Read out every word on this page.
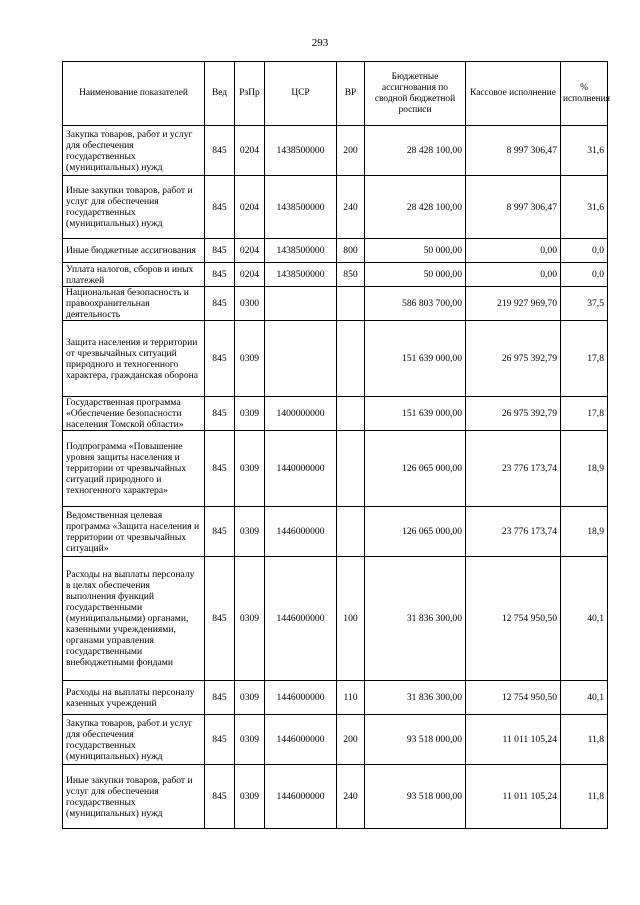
293
Наименование показателей	Вед	РзПр	ЦСР	ВР	Бюджетные ассигнования по сводной бюджетной росписи	Кассовое исполнение	% исполнения
Закупка товаров, работ и услуг для обеспечения государственных (муниципальных) нужд	845	0204	1438500000	200	28 428 100,00	8 997 306,47	31,6
Иные закупки товаров, работ и услуг для обеспечения государственных (муниципальных) нужд	845	0204	1438500000	240	28 428 100,00	8 997 306,47	31,6
Иные бюджетные ассигнования	845	0204	1438500000	800	50 000,00	0,00	0,0
Уплата налогов, сборов и иных платежей	845	0204	1438500000	850	50 000,00	0,00	0,0
Национальная безопасность и правоохранительная деятельность	845	0300			586 803 700,00	219 927 969,70	37,5
Защита населения и территории от чрезвычайных ситуаций природного и техногенного характера, гражданская оборона	845	0309			151 639 000,00	26 975 392,79	17,8
Государственная программа «Обеспечение безопасности населения Томской области»	845	0309	1400000000		151 639 000,00	26 975 392,79	17,8
Подпрограмма «Повышение уровня защиты населения и территории от чрезвычайных ситуаций природного и техногенного характера»	845	0309	1440000000		126 065 000,00	23 776 173,74	18,9
Ведомственная целевая программа «Защита населения и территории от чрезвычайных ситуаций»	845	0309	1446000000		126 065 000,00	23 776 173,74	18,9
Расходы на выплаты персоналу в целях обеспечения выполнения функций государственными (муниципальными) органами, казенными учреждениями, органами управления государственными внебюджетными фондами	845	0309	1446000000	100	31 836 300,00	12 754 950,50	40,1
Расходы на выплаты персоналу казенных учреждений	845	0309	1446000000	110	31 836 300,00	12 754 950,50	40,1
Закупка товаров, работ и услуг для обеспечения государственных (муниципальных) нужд	845	0309	1446000000	200	93 518 000,00	11 011 105,24	11,8
Иные закупки товаров, работ и услуг для обеспечения государственных (муниципальных) нужд	845	0309	1446000000	240	93 518 000,00	11 011 105,24	11,8
